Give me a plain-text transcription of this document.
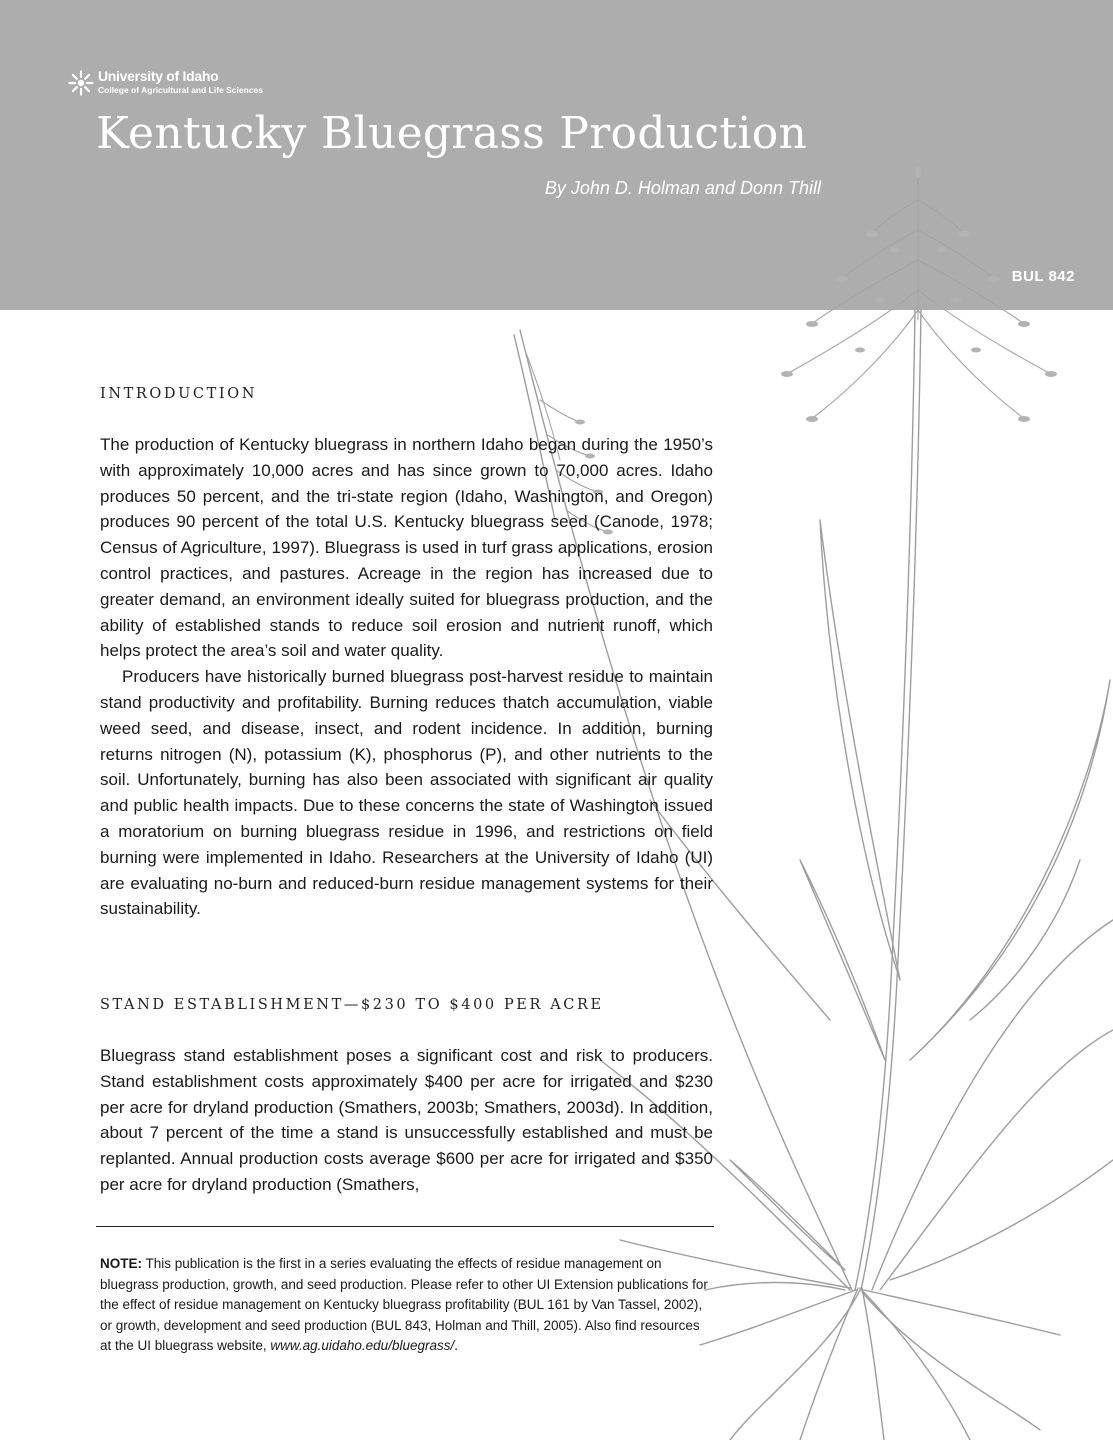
University of Idaho
College of Agricultural and Life Sciences
Kentucky Bluegrass Production
By John D. Holman and Donn Thill
BUL 842
INTRODUCTION

The production of Kentucky bluegrass in northern Idaho began during the 1950’s with approximately 10,000 acres and has since grown to 70,000 acres. Idaho produces 50 percent, and the tri-state region (Idaho, Washington, and Oregon) produces 90 percent of the total U.S. Kentucky bluegrass seed (Canode, 1978; Census of Agriculture, 1997). Bluegrass is used in turf grass applications, erosion control practices, and pastures. Acreage in the region has increased due to greater demand, an environment ideally suited for bluegrass production, and the ability of established stands to reduce soil erosion and nutrient runoff, which helps protect the area’s soil and water quality.

Producers have historically burned bluegrass post-harvest residue to maintain stand productivity and profitability. Burning reduces thatch accumulation, viable weed seed, and disease, insect, and rodent incidence. In addition, burning returns nitrogen (N), potassium (K), phosphorus (P), and other nutrients to the soil. Unfortunately, burning has also been associated with significant air quality and public health impacts. Due to these concerns the state of Washington issued a moratorium on burning bluegrass residue in 1996, and restrictions on field burning were implemented in Idaho. Researchers at the University of Idaho (UI) are evaluating no-burn and reduced-burn residue management systems for their sustainability.

STAND ESTABLISHMENT—$230 TO $400 PER ACRE

Bluegrass stand establishment poses a significant cost and risk to producers. Stand establishment costs approximately $400 per acre for irrigated and $230 per acre for dryland production (Smathers, 2003b; Smathers, 2003d). In addition, about 7 percent of the time a stand is unsuccessfully established and must be replanted. Annual production costs average $600 per acre for irrigated and $350 per acre for dryland production (Smathers,

NOTE: This publication is the first in a series evaluating the effects of residue management on bluegrass production, growth, and seed production. Please refer to other UI Extension publications for the effect of residue management on Kentucky bluegrass profitability (BUL 161 by Van Tassel, 2002), or growth, development and seed production (BUL 843, Holman and Thill, 2005). Also find resources at the UI bluegrass website, www.ag.uidaho.edu/bluegrass/.
